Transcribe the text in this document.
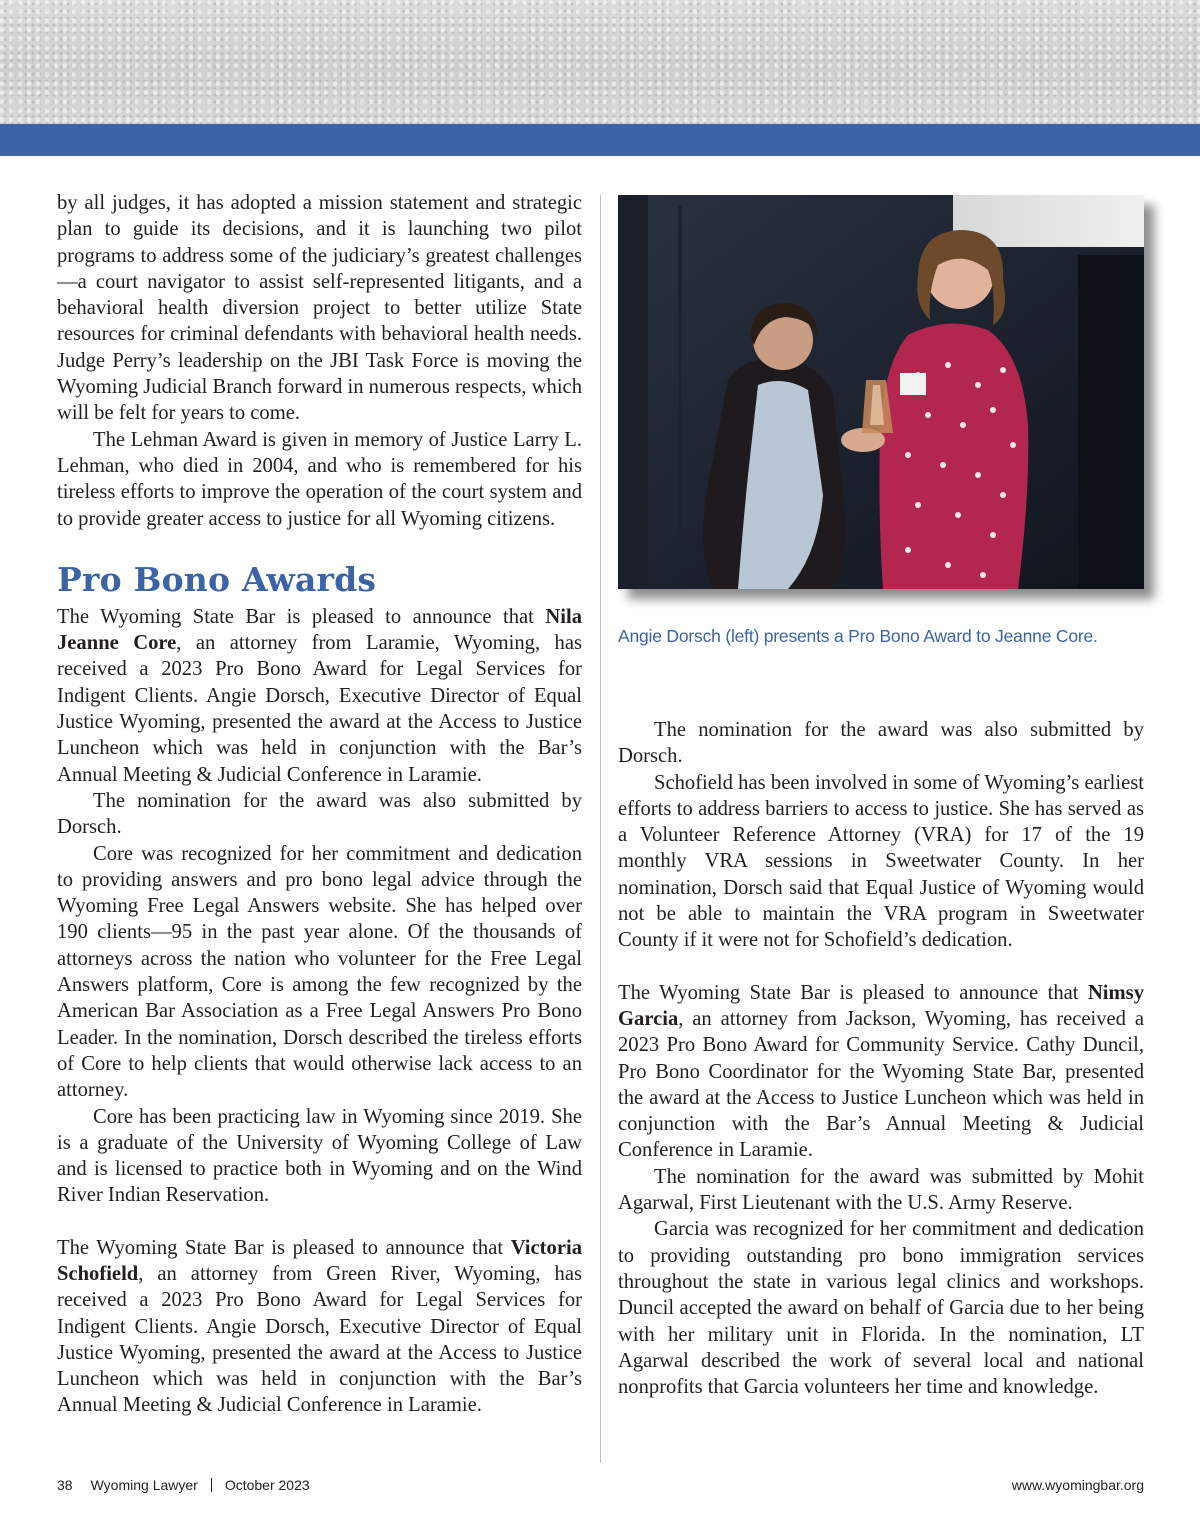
by all judges, it has adopted a mission statement and strategic plan to guide its decisions, and it is launching two pilot programs to address some of the judiciary’s greatest challenges—a court navigator to assist self-represented litigants, and a behavioral health diversion project to better utilize State resources for criminal defendants with behavioral health needs. Judge Perry’s leadership on the JBI Task Force is moving the Wyoming Judicial Branch forward in numerous respects, which will be felt for years to come.

The Lehman Award is given in memory of Justice Larry L. Lehman, who died in 2004, and who is remembered for his tireless efforts to improve the operation of the court system and to provide greater access to justice for all Wyoming citizens.

Pro Bono Awards

The Wyoming State Bar is pleased to announce that Nila Jeanne Core, an attorney from Laramie, Wyoming, has received a 2023 Pro Bono Award for Legal Services for Indigent Clients. Angie Dorsch, Executive Director of Equal Justice Wyoming, presented the award at the Access to Justice Luncheon which was held in conjunction with the Bar’s Annual Meeting & Judicial Conference in Laramie.

The nomination for the award was also submitted by Dorsch.

Core was recognized for her commitment and dedication to providing answers and pro bono legal advice through the Wyoming Free Legal Answers website. She has helped over 190 clients—95 in the past year alone. Of the thousands of attorneys across the nation who volunteer for the Free Legal Answers platform, Core is among the few recognized by the American Bar Association as a Free Legal Answers Pro Bono Leader. In the nomination, Dorsch described the tireless efforts of Core to help clients that would otherwise lack access to an attorney.

Core has been practicing law in Wyoming since 2019. She is a graduate of the University of Wyoming College of Law and is licensed to practice both in Wyoming and on the Wind River Indian Reservation.

The Wyoming State Bar is pleased to announce that Victoria Schofield, an attorney from Green River, Wyoming, has received a 2023 Pro Bono Award for Legal Services for Indigent Clients. Angie Dorsch, Executive Director of Equal Justice Wyoming, presented the award at the Access to Justice Luncheon which was held in conjunction with the Bar’s Annual Meeting & Judicial Conference in Laramie.

Angie Dorsch (left) presents a Pro Bono Award to Jeanne Core.

The nomination for the award was also submitted by Dorsch.

Schofield has been involved in some of Wyoming’s earliest efforts to address barriers to access to justice. She has served as a Volunteer Reference Attorney (VRA) for 17 of the 19 monthly VRA sessions in Sweetwater County. In her nomination, Dorsch said that Equal Justice of Wyoming would not be able to maintain the VRA program in Sweetwater County if it were not for Schofield’s dedication.

The Wyoming State Bar is pleased to announce that Nimsy Garcia, an attorney from Jackson, Wyoming, has received a 2023 Pro Bono Award for Community Service. Cathy Duncil, Pro Bono Coordinator for the Wyoming State Bar, presented the award at the Access to Justice Luncheon which was held in conjunction with the Bar’s Annual Meeting & Judicial Conference in Laramie.

The nomination for the award was submitted by Mohit Agarwal, First Lieutenant with the U.S. Army Reserve.

Garcia was recognized for her commitment and dedication to providing outstanding pro bono immigration services throughout the state in various legal clinics and workshops. Duncil accepted the award on behalf of Garcia due to her being with her military unit in Florida. In the nomination, LT Agarwal described the work of several local and national nonprofits that Garcia volunteers her time and knowledge.

38 Wyoming Lawyer October 2023	www.wyomingbar.org
